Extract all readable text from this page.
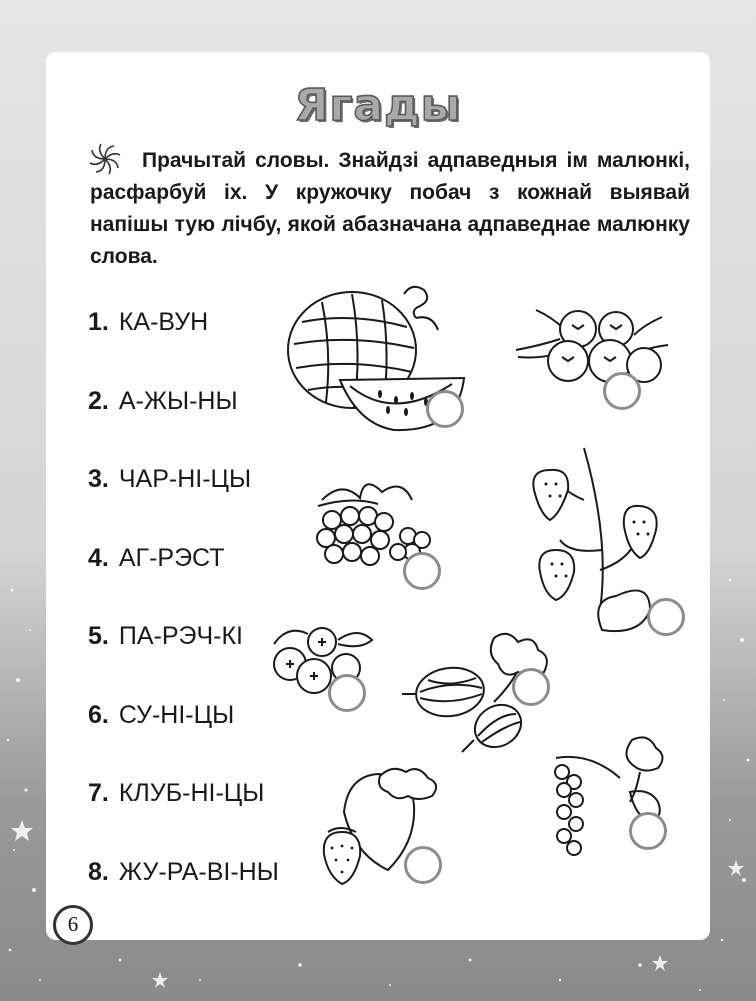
Ягады

Прачытай словы. Знайдзі адпаведныя ім малюнкі, расфарбуй іх. У кружочку побач з кожнай выявай напішы тую лічбу, якой абазначана адпаведнае малюнку слова.

1. КА-ВУН
2. А-ЖЫ-НЫ
3. ЧАР-НІ-ЦЫ
4. АГ-РЭСТ
5. ПА-РЭЧ-КІ
6. СУ-НІ-ЦЫ
7. КЛУБ-НІ-ЦЫ
8. ЖУ-РА-ВІ-НЫ
6
